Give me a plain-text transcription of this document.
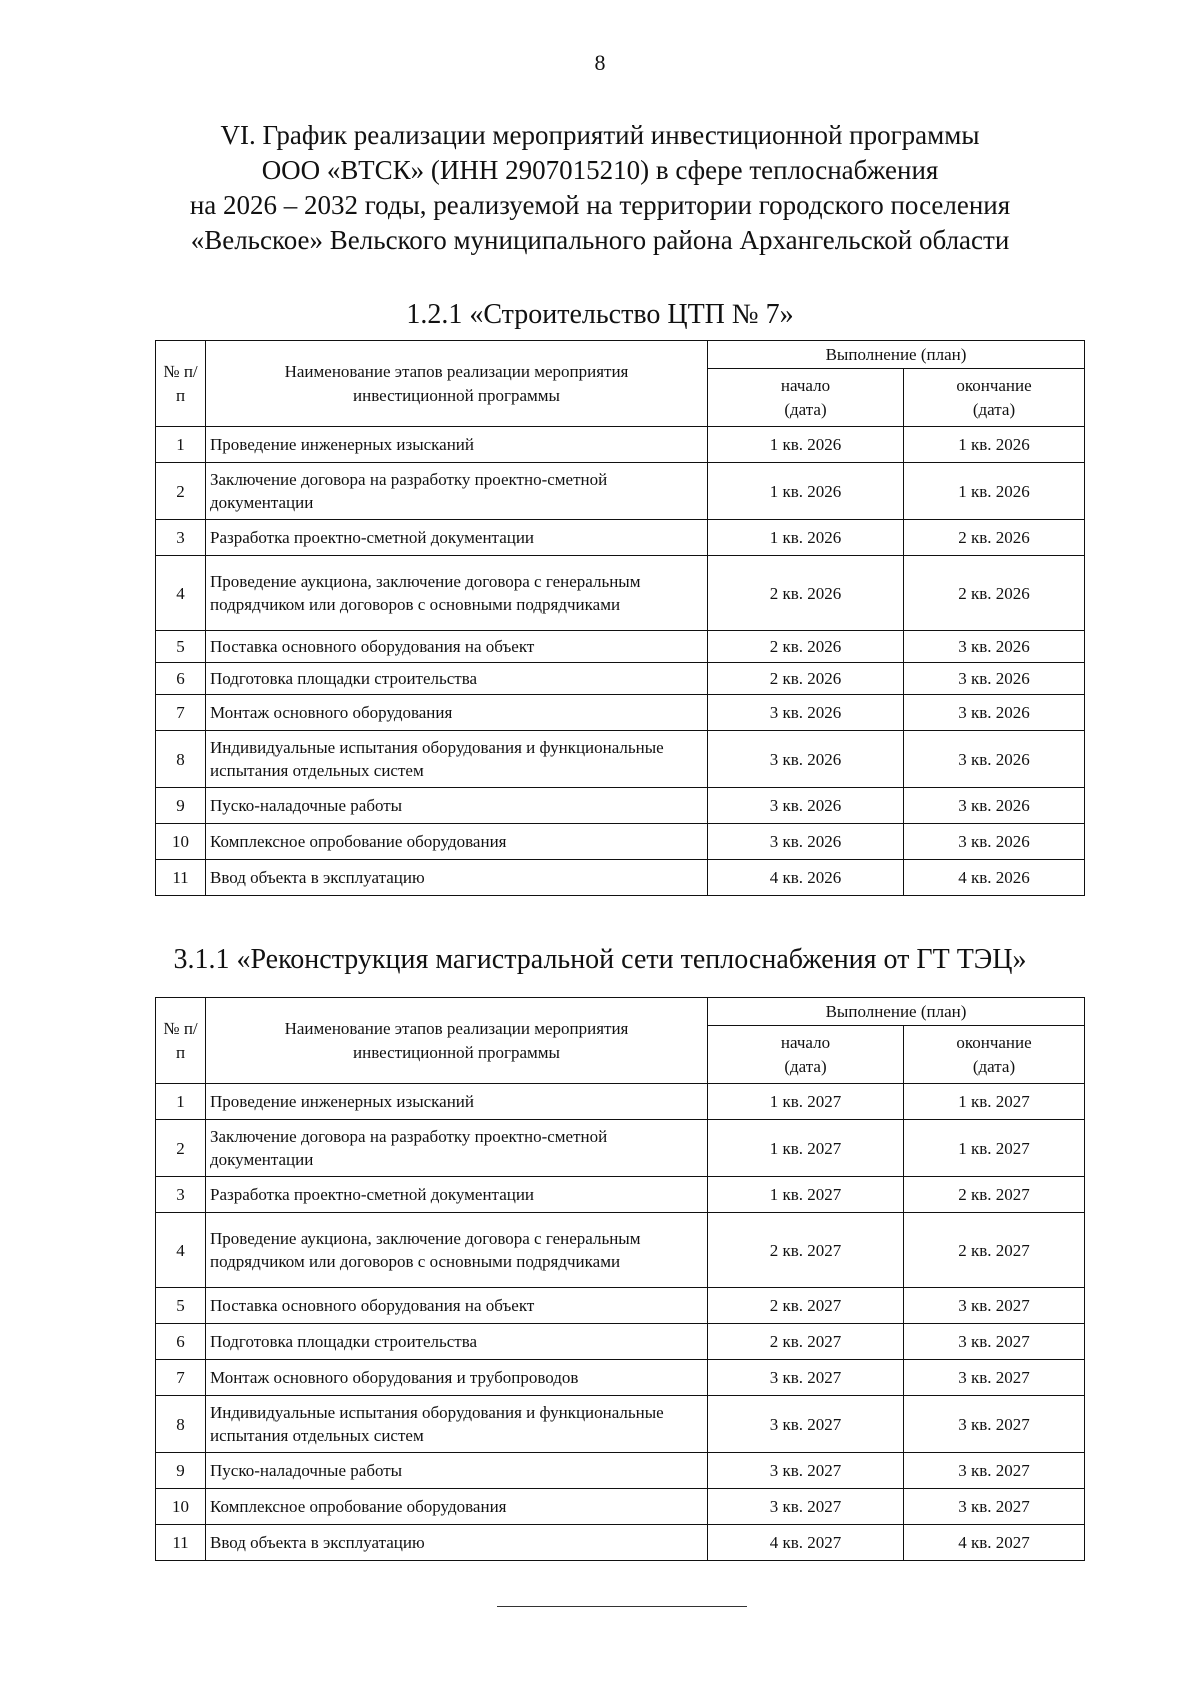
8
VI. График реализации мероприятий инвестиционной программы
ООО «ВТСК» (ИНН 2907015210) в сфере теплоснабжения
на 2026 – 2032 годы, реализуемой на территории городского поселения
«Вельское» Вельского муниципального района Архангельской области
1.2.1 «Строительство ЦТП № 7»
№ п/п	Наименование этапов реализации мероприятия инвестиционной программы	Выполнение (план)	
		начало (дата)	окончание (дата)
1	Проведение инженерных изысканий	1 кв. 2026	1 кв. 2026
2	Заключение договора на разработку проектно-сметной документации	1 кв. 2026	1 кв. 2026
3	Разработка проектно-сметной документации	1 кв. 2026	2 кв. 2026
4	Проведение аукциона, заключение договора с генеральным подрядчиком или договоров с основными подрядчиками	2 кв. 2026	2 кв. 2026
5	Поставка основного оборудования на объект	2 кв. 2026	3 кв. 2026
6	Подготовка площадки строительства	2 кв. 2026	3 кв. 2026
7	Монтаж основного оборудования	3 кв. 2026	3 кв. 2026
8	Индивидуальные испытания оборудования и функциональные испытания отдельных систем	3 кв. 2026	3 кв. 2026
9	Пуско-наладочные работы	3 кв. 2026	3 кв. 2026
10	Комплексное опробование оборудования	3 кв. 2026	3 кв. 2026
11	Ввод объекта в эксплуатацию	4 кв. 2026	4 кв. 2026
3.1.1 «Реконструкция магистральной сети теплоснабжения от ГТ ТЭЦ»
№ п/п	Наименование этапов реализации мероприятия инвестиционной программы	Выполнение (план)	
		начало (дата)	окончание (дата)
1	Проведение инженерных изысканий	1 кв. 2027	1 кв. 2027
2	Заключение договора на разработку проектно-сметной документации	1 кв. 2027	1 кв. 2027
3	Разработка проектно-сметной документации	1 кв. 2027	2 кв. 2027
4	Проведение аукциона, заключение договора с генеральным подрядчиком или договоров с основными подрядчиками	2 кв. 2027	2 кв. 2027
5	Поставка основного оборудования на объект	2 кв. 2027	3 кв. 2027
6	Подготовка площадки строительства	2 кв. 2027	3 кв. 2027
7	Монтаж основного оборудования и трубопроводов	3 кв. 2027	3 кв. 2027
8	Индивидуальные испытания оборудования и функциональные испытания отдельных систем	3 кв. 2027	3 кв. 2027
9	Пуско-наладочные работы	3 кв. 2027	3 кв. 2027
10	Комплексное опробование оборудования	3 кв. 2027	3 кв. 2027
11	Ввод объекта в эксплуатацию	4 кв. 2027	4 кв. 2027
